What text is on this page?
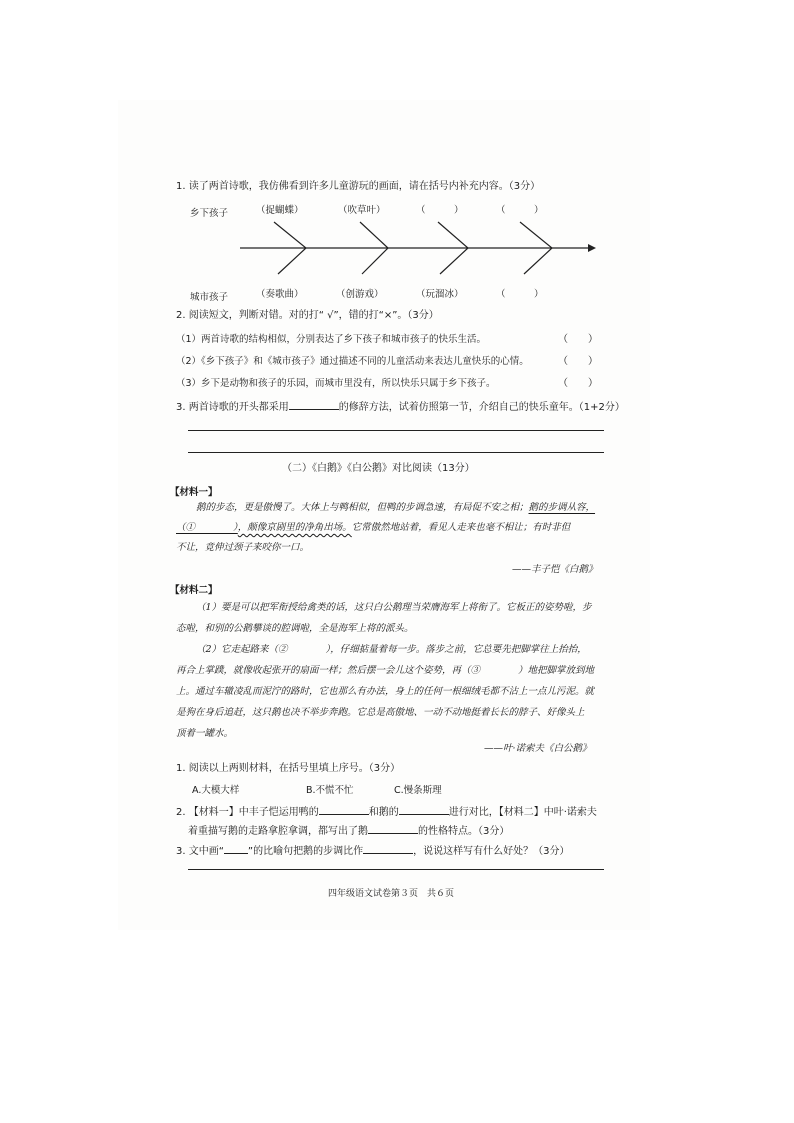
1. 读了两首诗歌，我仿佛看到许多儿童游玩的画面，请在括号内补充内容。（3分）
乡下孩子	（捉蝴蝶）	（吹草叶）	（　　　）	（　　　）
城市孩子	（奏歌曲）	（创游戏）	（玩溜冰）	（　　　）
2. 阅读短文，判断对错。对的打“ √”，错的打“×”。（3分）
（1）两首诗歌的结构相似，分别表达了乡下孩子和城市孩子的快乐生活。	（　　）
（2）《乡下孩子》和《城市孩子》通过描述不同的儿童活动来表达儿童快乐的心情。	（　　）
（3）乡下是动物和孩子的乐园，而城市里没有，所以快乐只属于乡下孩子。	（　　）
3. 两首诗歌的开头都采用	的修辞方法，试着仿照第一节，介绍自己的快乐童年。（1+2分）
（二）《白鹅》《白公鹅》对比阅读（13分）
【材料一】
鹅的步态，更是傲慢了。大体上与鸭相似，但鸭的步调急速，有局促不安之相；鹅的步调从容，
（①　　　　），颇像京剧里的净角出场。它常傲然地站着，看见人走来也毫不相让；有时非但
不让，竟伸过颈子来咬你一口。
——丰子恺《白鹅》
【材料二】
（1）要是可以把军衔授给禽类的话，这只白公鹅理当荣膺海军上将衔了。它板正的姿势啦，步
态啦，和别的公鹅攀谈的腔调啦，全是海军上将的派头。
（2）它走起路来（②　　　　），仔细掂量着每一步。落步之前，它总要先把脚掌往上抬抬，
再合上掌蹼，就像收起张开的扇面一样；然后摆一会儿这个姿势，再（③　　　　）地把脚掌放到地
上。通过车辙凌乱而泥泞的路时，它也那么有办法，身上的任何一根细绒毛都不沾上一点儿污泥。就
是狗在身后追赶，这只鹅也决不举步奔跑。它总是高傲地、一动不动地挺着长长的脖子、好像头上
顶着一罐水。
——叶·诺索夫《白公鹅》
1. 阅读以上两则材料，在括号里填上序号。（3分）
A.大模大样	B.不慌不忙	C.慢条斯理
2. 【材料一】中丰子恺运用鸭的	和鹅的	进行对比，【材料二】中叶·诺索夫
着重描写鹅的走路拿腔拿调，都写出了鹅	的性格特点。（3分）
3. 文中画“ ”的比喻句把鹅的步调比作	，说说这样写有什么好处？（3分）
四年级语文试卷第３页　共６页
